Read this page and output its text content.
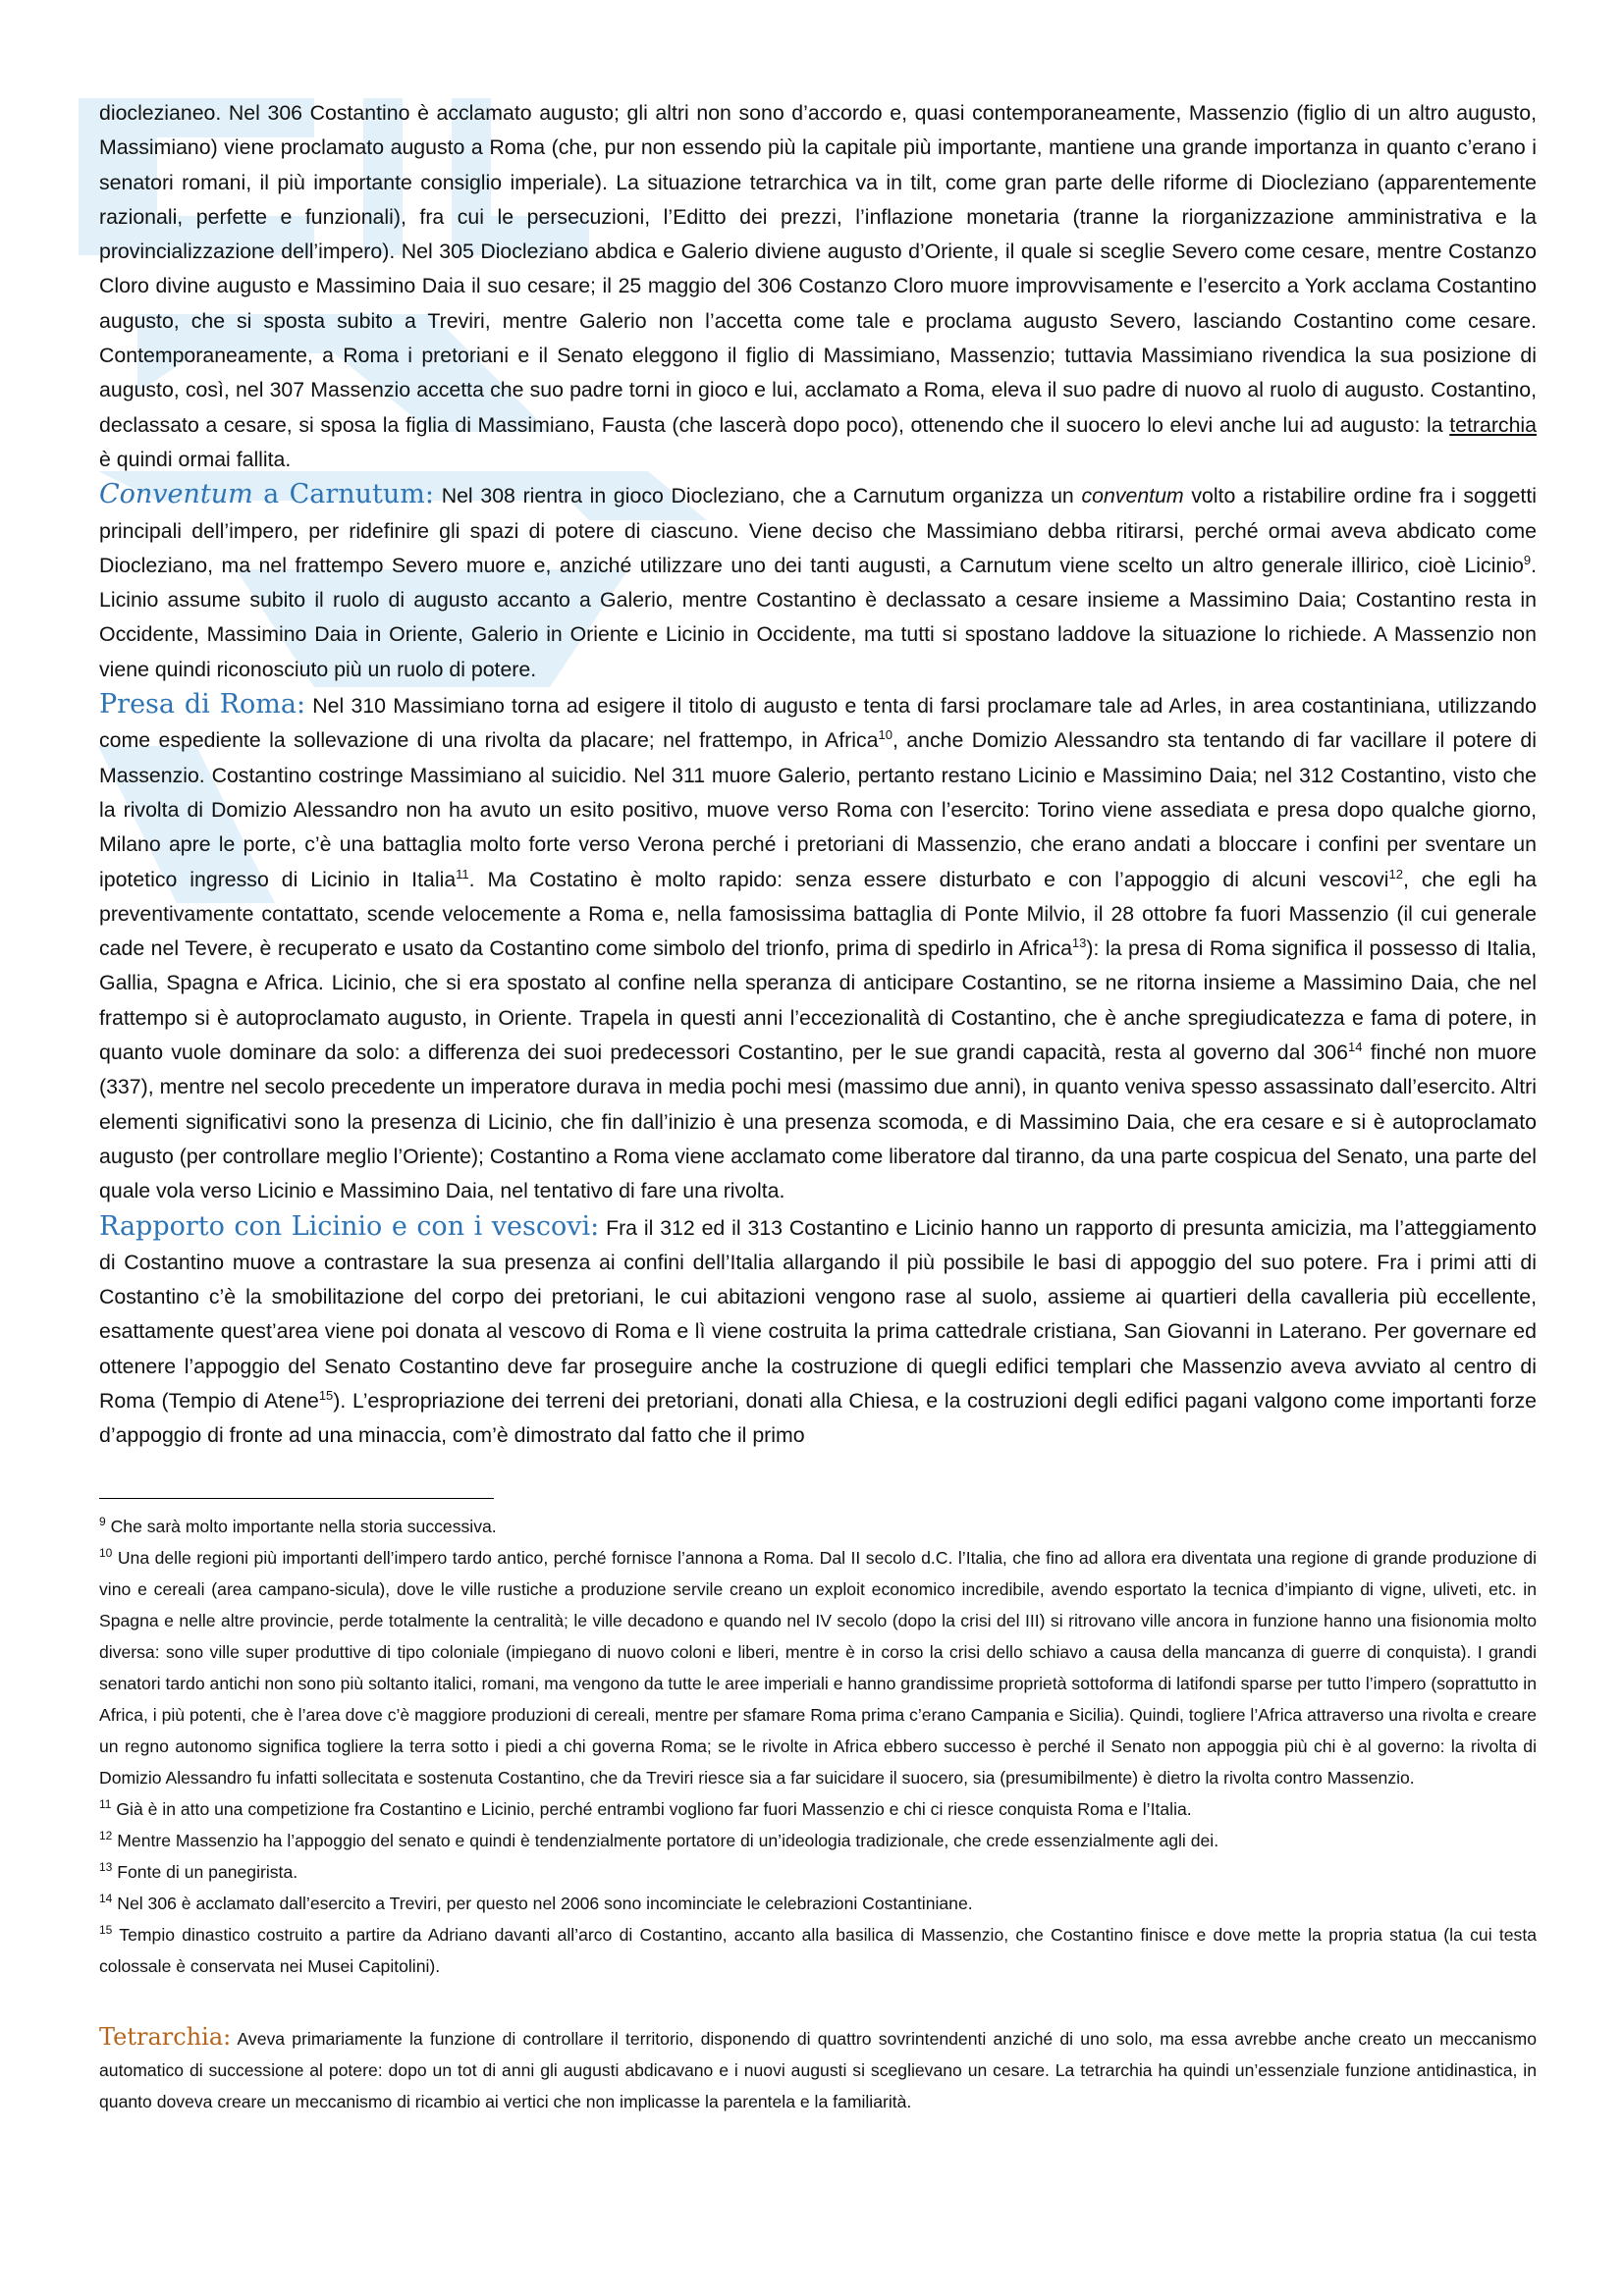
dioclezianeo. Nel 306 Costantino è acclamato augusto; gli altri non sono d’accordo e, quasi contemporaneamente, Massenzio (figlio di un altro augusto, Massimiano) viene proclamato augusto a Roma (che, pur non essendo più la capitale più importante, mantiene una grande importanza in quanto c’erano i senatori romani, il più importante consiglio imperiale). La situazione tetrarchica va in tilt, come gran parte delle riforme di Diocleziano (apparentemente razionali, perfette e funzionali), fra cui le persecuzioni, l’Editto dei prezzi, l’inflazione monetaria (tranne la riorganizzazione amministrativa e la provincializzazione dell’impero). Nel 305 Diocleziano abdica e Galerio diviene augusto d’Oriente, il quale si sceglie Severo come cesare, mentre Costanzo Cloro divine augusto e Massimino Daia il suo cesare; il 25 maggio del 306 Costanzo Cloro muore improvvisamente e l’esercito a York acclama Costantino augusto, che si sposta subito a Treviri, mentre Galerio non l’accetta come tale e proclama augusto Severo, lasciando Costantino come cesare. Contemporaneamente, a Roma i pretoriani e il Senato eleggono il figlio di Massimiano, Massenzio; tuttavia Massimiano rivendica la sua posizione di augusto, così, nel 307 Massenzio accetta che suo padre torni in gioco e lui, acclamato a Roma, eleva il suo padre di nuovo al ruolo di augusto. Costantino, declassato a cesare, si sposa la figlia di Massimiano, Fausta (che lascerà dopo poco), ottenendo che il suocero lo elevi anche lui ad augusto: la tetrarchia è quindi ormai fallita.

Conventum a Carnutum: Nel 308 rientra in gioco Diocleziano, che a Carnutum organizza un conventum volto a ristabilire ordine fra i soggetti principali dell’impero, per ridefinire gli spazi di potere di ciascuno. Viene deciso che Massimiano debba ritirarsi, perché ormai aveva abdicato come Diocleziano, ma nel frattempo Severo muore e, anziché utilizzare uno dei tanti augusti, a Carnutum viene scelto un altro generale illirico, cioè Licinio$^9$. Licinio assume subito il ruolo di augusto accanto a Galerio, mentre Costantino è declassato a cesare insieme a Massimino Daia; Costantino resta in Occidente, Massimino Daia in Oriente, Galerio in Oriente e Licinio in Occidente, ma tutti si spostano laddove la situazione lo richiede. A Massenzio non viene quindi riconosciuto più un ruolo di potere.

Presa di Roma: Nel 310 Massimiano torna ad esigere il titolo di augusto e tenta di farsi proclamare tale ad Arles, in area costantiniana, utilizzando come espediente la sollevazione di una rivolta da placare; nel frattempo, in Africa$^{10}$, anche Domizio Alessandro sta tentando di far vacillare il potere di Massenzio. Costantino costringe Massimiano al suicidio. Nel 311 muore Galerio, pertanto restano Licinio e Massimino Daia; nel 312 Costantino, visto che la rivolta di Domizio Alessandro non ha avuto un esito positivo, muove verso Roma con l’esercito: Torino viene assediata e presa dopo qualche giorno, Milano apre le porte, c’è una battaglia molto forte verso Verona perché i pretoriani di Massenzio, che erano andati a bloccare i confini per sventare un ipotetico ingresso di Licinio in Italia$^{11}$. Ma Costatino è molto rapido: senza essere disturbato e con l’appoggio di alcuni vescovi$^{12}$, che egli ha preventivamente contattato, scende velocemente a Roma e, nella famosissima battaglia di Ponte Milvio, il 28 ottobre fa fuori Massenzio (il cui generale cade nel Tevere, è recuperato e usato da Costantino come simbolo del trionfo, prima di spedirlo in Africa$^{13}$): la presa di Roma significa il possesso di Italia, Gallia, Spagna e Africa. Licinio, che si era spostato al confine nella speranza di anticipare Costantino, se ne ritorna insieme a Massimino Daia, che nel frattempo si è autoproclamato augusto, in Oriente. Trapela in questi anni l’eccezionalità di Costantino, che è anche spregiudicatezza e fama di potere, in quanto vuole dominare da solo: a differenza dei suoi predecessori Costantino, per le sue grandi capacità, resta al governo dal $306^{14}$ finché non muore (337), mentre nel secolo precedente un imperatore durava in media pochi mesi (massimo due anni), in quanto veniva spesso assassinato dall’esercito. Altri elementi significativi sono la presenza di Licinio, che fin dall’inizio è una presenza scomoda, e di Massimino Daia, che era cesare e si è autoproclamato augusto (per controllare meglio l’Oriente); Costantino a Roma viene acclamato come liberatore dal tiranno, da una parte cospicua del Senato, una parte del quale vola verso Licinio e Massimino Daia, nel tentativo di fare una rivolta.

Rapporto con Licinio e con i vescovi: Fra il 312 ed il 313 Costantino e Licinio hanno un rapporto di presunta amicizia, ma l’atteggiamento di Costantino muove a contrastare la sua presenza ai confini dell’Italia allargando il più possibile le basi di appoggio del suo potere. Fra i primi atti di Costantino c’è la smobilitazione del corpo dei pretoriani, le cui abitazioni vengono rase al suolo, assieme ai quartieri della cavalleria più eccellente, esattamente quest’area viene poi donata al vescovo di Roma e lì viene costruita la prima cattedrale cristiana, San Giovanni in Laterano. Per governare ed ottenere l’appoggio del Senato Costantino deve far proseguire anche la costruzione di quegli edifici templari che Massenzio aveva avviato al centro di Roma (Tempio di Atene$^{15}$). L’espropriazione dei terreni dei pretoriani, donati alla Chiesa, e la costruzioni degli edifici pagani valgono come importanti forze d’appoggio di fronte ad una minaccia, com’è dimostrato dal fatto che il primo

$^9$ Che sarà molto importante nella storia successiva.

$^{10}$ Una delle regioni più importanti dell’impero tardo antico, perché fornisce l’annona a Roma. Dal II secolo d.C. l’Italia, che fino ad allora era diventata una regione di grande produzione di vino e cereali (area campano-sicula), dove le ville rustiche a produzione servile creano un exploit economico incredibile, avendo esportato la tecnica d’impianto di vigne, uliveti, etc. in Spagna e nelle altre provincie, perde totalmente la centralità; le ville decadono e quando nel IV secolo (dopo la crisi del III) si ritrovano ville ancora in funzione hanno una fisionomia molto diversa: sono ville super produttive di tipo coloniale (impiegano di nuovo coloni e liberi, mentre è in corso la crisi dello schiavo a causa della mancanza di guerre di conquista). I grandi senatori tardo antichi non sono più soltanto italici, romani, ma vengono da tutte le aree imperiali e hanno grandissime proprietà sottoforma di latifondi sparse per tutto l’impero (soprattutto in Africa, i più potenti, che è l’area dove c’è maggiore produzioni di cereali, mentre per sfamare Roma prima c’erano Campania e Sicilia). Quindi, togliere l’Africa attraverso una rivolta e creare un regno autonomo significa togliere la terra sotto i piedi a chi governa Roma; se le rivolte in Africa ebbero successo è perché il Senato non appoggia più chi è al governo: la rivolta di Domizio Alessandro fu infatti sollecitata e sostenuta Costantino, che da Treviri riesce sia a far suicidare il suocero, sia (presumibilmente) è dietro la rivolta contro Massenzio.

$^{11}$ Già è in atto una competizione fra Costantino e Licinio, perché entrambi vogliono far fuori Massenzio e chi ci riesce conquista Roma e l’Italia.

$^{12}$ Mentre Massenzio ha l’appoggio del senato e quindi è tendenzialmente portatore di un’ideologia tradizionale, che crede essenzialmente agli dei.

$^{13}$ Fonte di un panegirista.

$^{14}$ Nel 306 è acclamato dall’esercito a Treviri, per questo nel 2006 sono incominciate le celebrazioni Costantiniane.

$^{15}$ Tempio dinastico costruito a partire da Adriano davanti all’arco di Costantino, accanto alla basilica di Massenzio, che Costantino finisce e dove mette la propria statua (la cui testa colossale è conservata nei Musei Capitolini).

Tetrarchia: Aveva primariamente la funzione di controllare il territorio, disponendo di quattro sovrintendenti anziché di uno solo, ma essa avrebbe anche creato un meccanismo automatico di successione al potere: dopo un tot di anni gli augusti abdicavano e i nuovi augusti si sceglievano un cesare. La tetrarchia ha quindi un’essenziale funzione antidinastica, in quanto doveva creare un meccanismo di ricambio ai vertici che non implicasse la parentela e la familiarità.
